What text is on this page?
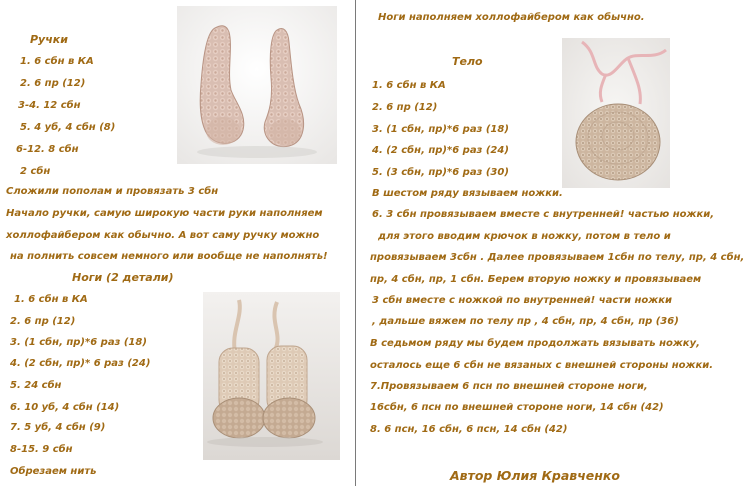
Ручки
1. 6 сбн в КА
2. 6 пр (12)
3-4. 12 сбн
5. 4 уб, 4 сбн (8)
6-12. 8 сбн
2 сбн
Сложили пополам и провязать 3 сбн
Начало ручки, самую широкую части руки наполняем
холлофайбером как обычно. А вот саму ручку можно
на полнить совсем немного или вообще не наполнять!
Ноги (2 детали)
1. 6 сбн в КА
2. 6 пр (12)
3. (1 сбн, пр)*6 раз (18)
4. (2 сбн, пр)* 6 раз (24)
5. 24 сбн
6. 10 уб, 4 сбн (14)
7. 5 уб, 4 сбн (9)
8-15. 9 сбн
Обрезаем нить
Ноги наполняем холлофайбером как обычно.
Тело
1. 6 сбн в КА
2. 6 пр (12)
3. (1 сбн, пр)*6 раз (18)
4. (2 сбн, пр)*6 раз (24)
5. (3 сбн, пр)*6 раз (30)
В шестом ряду вязываем ножки.
6. 3 сбн провязываем вместе с внутренней! частью ножки,
для этого вводим крючок в ножку, потом в тело и
провязываем 3сбн . Далее провязываем 1сбн по телу, пр, 4 сбн,
пр, 4 сбн, пр, 1 сбн. Берем вторую ножку и провязываем
3 сбн вместе с ножкой по внутренней! части ножки
, дальше вяжем по телу пр , 4 сбн, пр, 4 сбн, пр (36)
В седьмом ряду мы будем продолжать вязывать ножку,
осталось еще 6 сбн не вязаных с внешней стороны ножки.
7.Провязываем 6 псн по внешней стороне ноги,
16сбн, 6 псн по внешней стороне ноги, 14 сбн (42)
8. 6 псн, 16 сбн, 6 псн, 14 сбн (42)
Автор Юлия Кравченко
